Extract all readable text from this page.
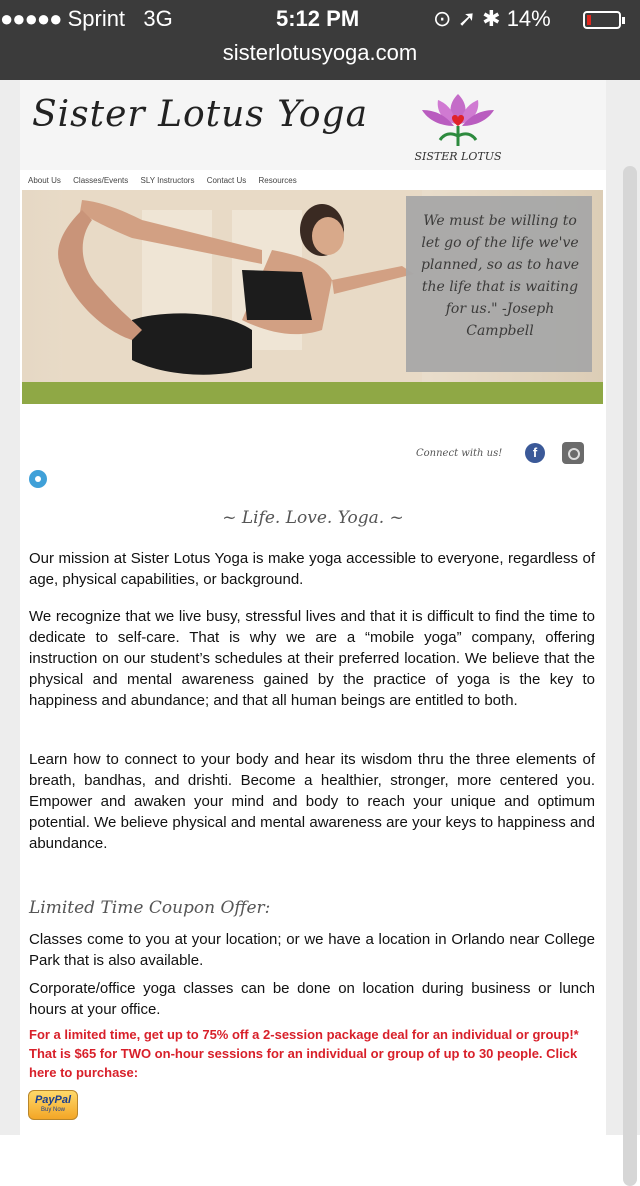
●●●●● Sprint 3G	5:12 PM	⊙ ➚ ✱ 14%
sisterlotusyoga.com
Sister Lotus Yoga
SISTER LOTUS
About Us Classes/Events SLY Instructors Contact Us Resources
We must be willing to let go of the life we've planned, so as to have the life that is waiting for us." -Joseph Campbell
Connect with us!	f
~ Life. Love. Yoga. ~

Our mission at Sister Lotus Yoga is make yoga accessible to everyone, regardless of age, physical capabilities, or background.

We recognize that we live busy, stressful lives and that it is difficult to find the time to dedicate to self-care. That is why we are a “mobile yoga” company, offering instruction on our student’s schedules at their preferred location. We believe that the physical and mental awareness gained by the practice of yoga is the key to happiness and abundance; and that all human beings are entitled to both.

Learn how to connect to your body and hear its wisdom thru the three elements of breath, bandhas, and drishti. Become a healthier, stronger, more centered you. Empower and awaken your mind and body to reach your unique and optimum potential. We believe physical and mental awareness are your keys to happiness and abundance.

Limited Time Coupon Offer:

Classes come to you at your location; or we have a location in Orlando near College Park that is also available.

Corporate/office yoga classes can be done on location during business or lunch hours at your office.

For a limited time, get up to 75% off a 2-session package deal for an individual or group!* That is $65 for TWO on-hour sessions for an individual or group of up to 30 people. Click here to purchase:

PayPal
Buy Now
